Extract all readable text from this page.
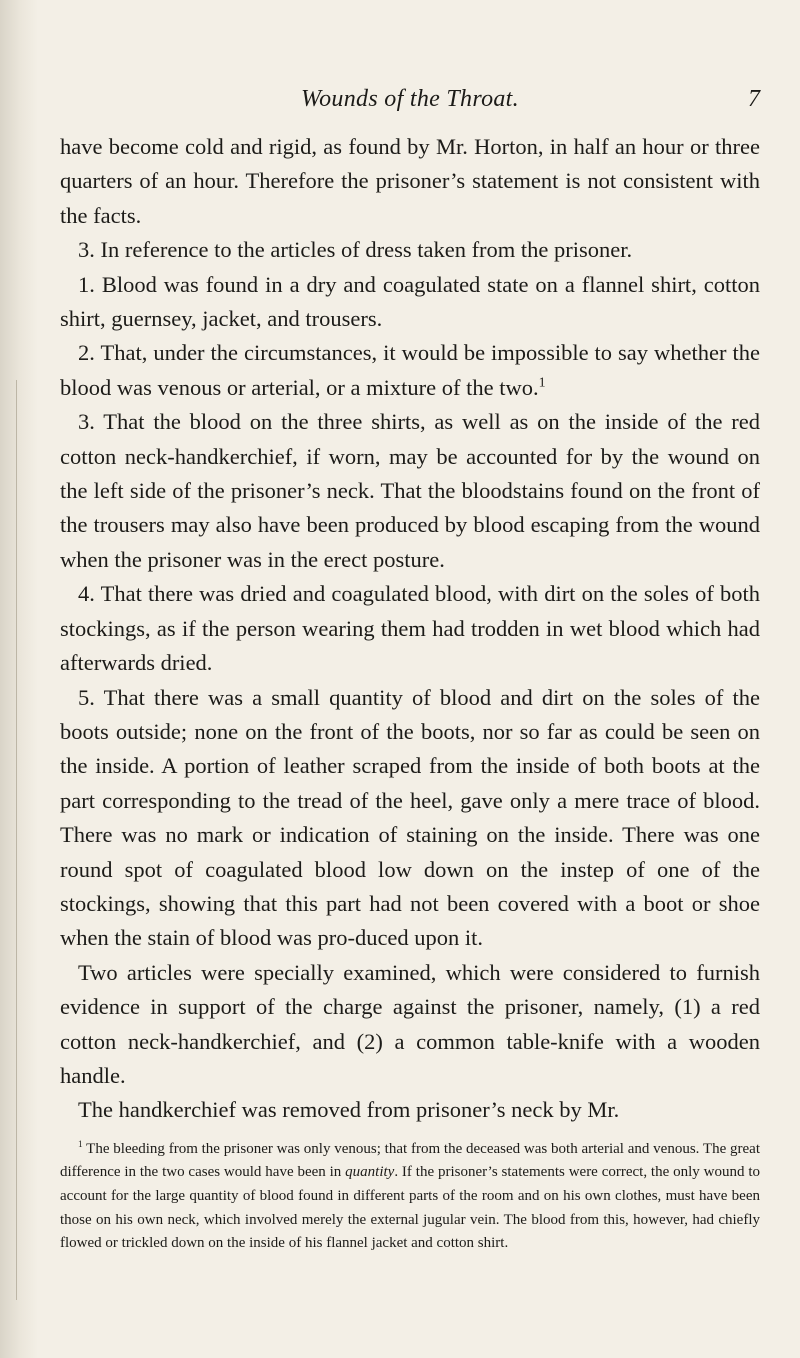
Wounds of the Throat.	7

have become cold and rigid, as found by Mr. Horton, in half an hour or three quarters of an hour. Therefore the prisoner’s statement is not consistent with the facts.

3. In reference to the articles of dress taken from the prisoner.

1. Blood was found in a dry and coagulated state on a flannel shirt, cotton shirt, guernsey, jacket, and trousers.

2. That, under the circumstances, it would be impossible to say whether the blood was venous or arterial, or a mixture of the two.$^1$

3. That the blood on the three shirts, as well as on the inside of the red cotton neck-handkerchief, if worn, may be accounted for by the wound on the left side of the prisoner’s neck. That the bloodstains found on the front of the trousers may also have been produced by blood escaping from the wound when the prisoner was in the erect posture.

4. That there was dried and coagulated blood, with dirt on the soles of both stockings, as if the person wearing them had trodden in wet blood which had afterwards dried.

5. That there was a small quantity of blood and dirt on the soles of the boots outside; none on the front of the boots, nor so far as could be seen on the inside. A portion of leather scraped from the inside of both boots at the part corresponding to the tread of the heel, gave only a mere trace of blood. There was no mark or indication of staining on the inside. There was one round spot of coagulated blood low down on the instep of one of the stockings, showing that this part had not been covered with a boot or shoe when the stain of blood was pro-duced upon it.

Two articles were specially examined, which were considered to furnish evidence in support of the charge against the prisoner, namely, (1) a red cotton neck-handkerchief, and (2) a common table-knife with a wooden handle.

The handkerchief was removed from prisoner’s neck by Mr.

$^1$ The bleeding from the prisoner was only venous; that from the deceased was both arterial and venous. The great difference in the two cases would have been in quantity. If the prisoner’s statements were correct, the only wound to account for the large quantity of blood found in different parts of the room and on his own clothes, must have been those on his own neck, which involved merely the external jugular vein. The blood from this, however, had chiefly flowed or trickled down on the inside of his flannel jacket and cotton shirt.
